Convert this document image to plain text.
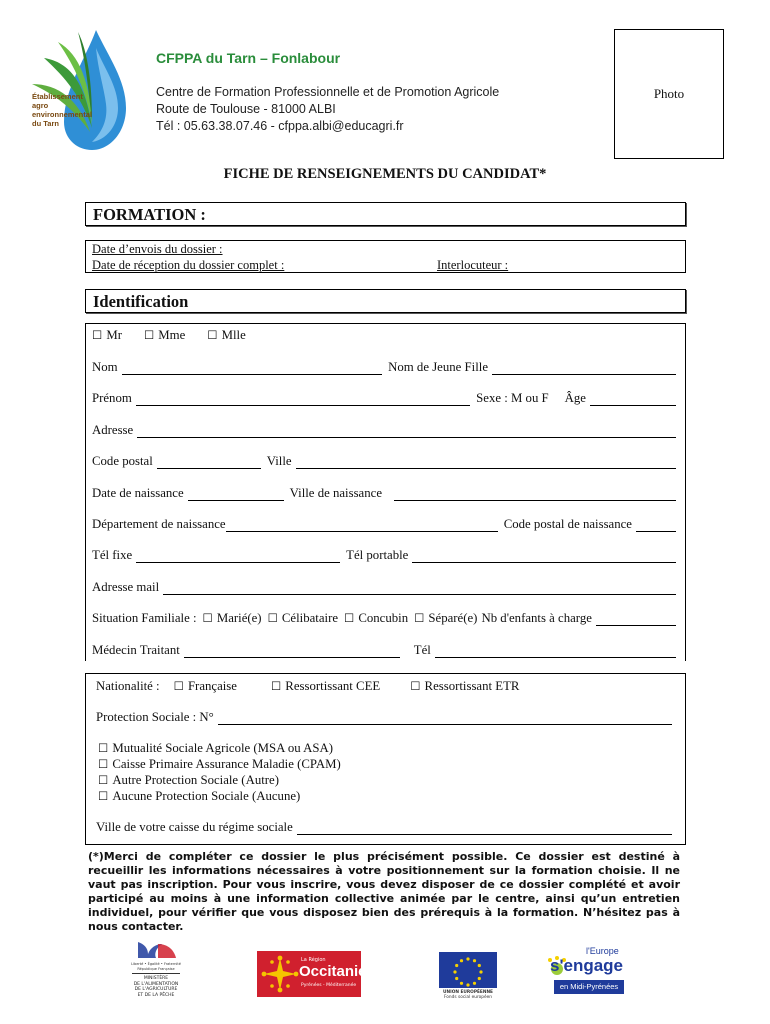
Établissement
agro
environnemental
du Tarn
CFPPA du Tarn – Fonlabour
Centre de Formation Professionnelle et de Promotion Agricole
Route de Toulouse - 81000 ALBI
Tél : 05.63.38.07.46 - cfppa.albi@educagri.fr
Photo
FICHE DE RENSEIGNEMENTS DU CANDIDAT*
FORMATION :
Date d’envois du dossier :
Date de réception du dossier complet :	Interlocuteur :
Identification
☐ Mr ☐ Mme ☐ Mlle
Nom	Nom de Jeune Fille
Prénom	Sexe : M ou F Âge
Adresse
Code postal	Ville
Date de naissance	Ville de naissance
Département de naissance	Code postal de naissance
Tél fixe	Tél portable
Adresse mail
Situation Familiale : ☐ Marié(e) ☐ Célibataire ☐ Concubin ☐ Séparé(e) Nb d'enfants à charge
Médecin Traitant	Tél
Nationalité : ☐ Française	☐ Ressortissant CEE	☐ Ressortissant ETR
Protection Sociale : N°
☐ Mutualité Sociale Agricole (MSA ou ASA)
☐ Caisse Primaire Assurance Maladie (CPAM)
☐ Autre Protection Sociale (Autre)
☐ Aucune Protection Sociale (Aucune)
Ville de votre caisse du régime sociale
(*)Merci de compléter ce dossier le plus précisément possible. Ce dossier est destiné à recueillir les informations nécessaires à votre positionnement sur la formation choisie. Il ne vaut pas inscription. Pour vous inscrire, vous devez disposer de ce dossier complété et avoir participé au moins à une information collective animée par le centre, ainsi qu’un entretien individuel, pour vérifier que vous disposez bien des prérequis à la formation. N’hésitez pas à nous contacter.
Liberté • Égalité • Fraternité
République Française
MINISTÈRE
DE L'ALIMENTATION
DE L'AGRICULTURE
ET DE LA PÊCHE
La Région
Occitanie
Pyrénées - Méditerranée
UNION EUROPÉENNE
Fonds social européen
l'Europe
s'engage
en Midi-Pyrénées
